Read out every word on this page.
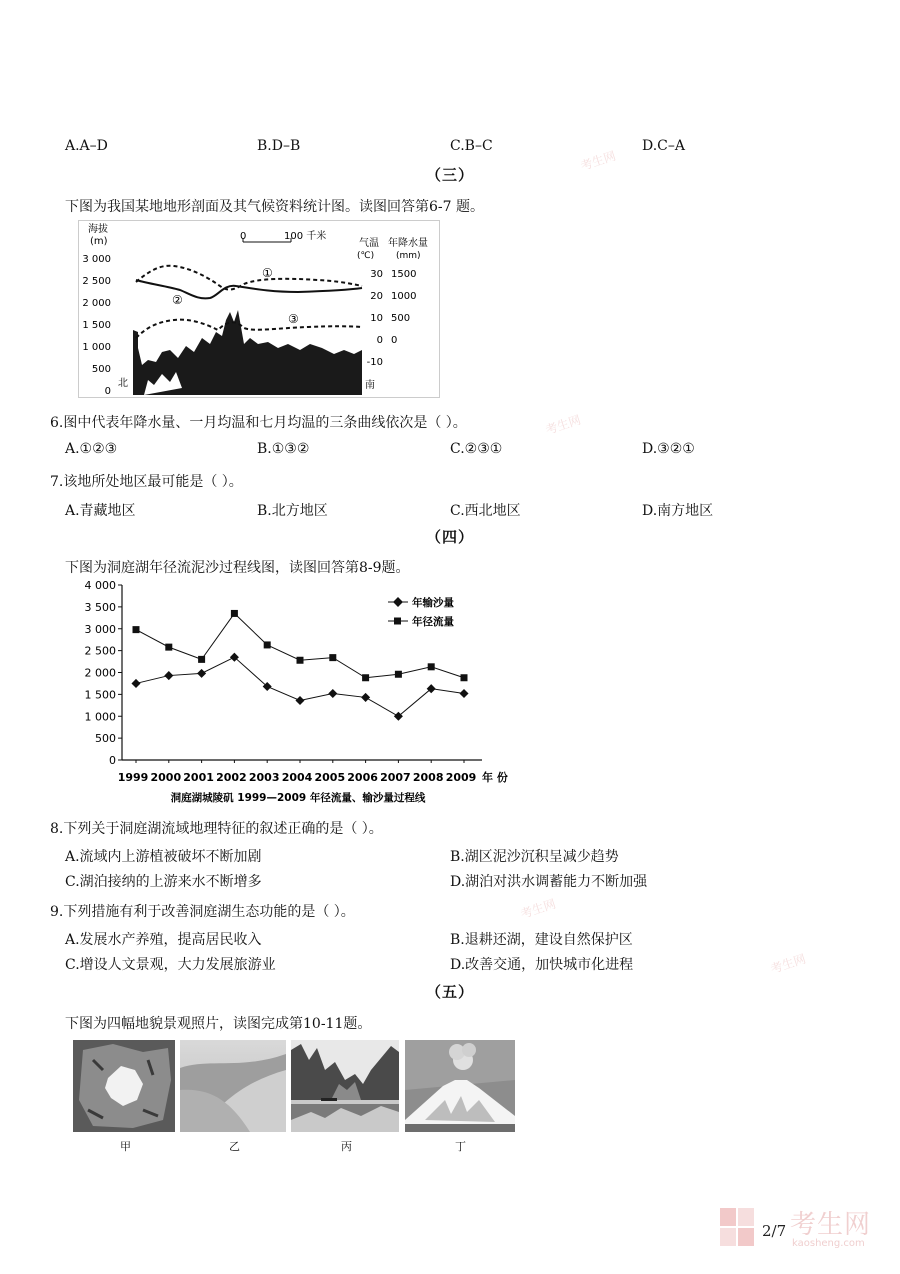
考生网
考生网
考生网
考生网
A.A–D	B.D–B	C.B–C	D.C–A
（三）
下图为我国某地地形剖面及其气候资料统计图。读图回答第6-7 题。
海拔
(m)
3 000
2 500
2 000
1 500
1 000
500
0
0	100 千米
气温
(℃)
年降水量
(mm)
30
20
10
0
-10
1500
1000
500
0
①
②
③
北	南
6.图中代表年降水量、一月均温和七月均温的三条曲线依次是（ ）。
A.①②③	B.①③②	C.②③①	D.③②①
7.该地所处地区最可能是（ ）。
A.青藏地区	B.北方地区	C.西北地区	D.南方地区
（四）
下图为洞庭湖年径流泥沙过程线图，读图回答第8-9题。
4 000
3 500
3 000
2 500
2 000
1 500
1 000
500
0
1999 2000 2001 2002 2003 2004 2005 2006 2007 2008 2009
年输沙量
年径流量
年 份
洞庭湖城陵矶 1999—2009 年径流量、输沙量过程线
8.下列关于洞庭湖流域地理特征的叙述正确的是（ ）。
A.流域内上游植被破坏不断加剧	B.湖区泥沙沉积呈减少趋势
C.湖泊接纳的上游来水不断增多	D.湖泊对洪水调蓄能力不断加强
9.下列措施有利于改善洞庭湖生态功能的是（ ）。
A.发展水产养殖，提高居民收入	B.退耕还湖，建设自然保护区
C.增设人文景观，大力发展旅游业	D.改善交通，加快城市化进程
（五）
下图为四幅地貌景观照片，读图完成第10-11题。
甲	乙	丙	丁
2/7 考生网
kaosheng.com
